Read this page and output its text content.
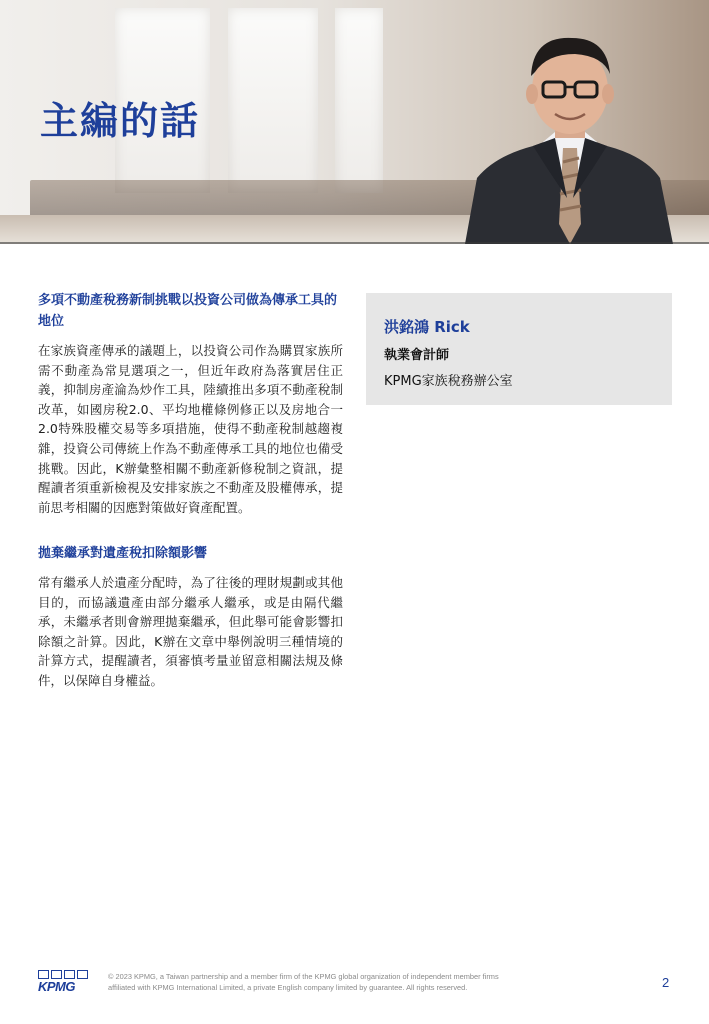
主編的話
多項不動產稅務新制挑戰以投資公司做為傳承工具的地位

在家族資產傳承的議題上，以投資公司作為購買家族所需不動產為常見選項之一，但近年政府為落實居住正義，抑制房產淪為炒作工具，陸續推出多項不動產稅制改革，如國房稅2.0、平均地權條例修正以及房地合一2.0特殊股權交易等多項措施，使得不動產稅制越趨複雜，投資公司傳統上作為不動產傳承工具的地位也備受挑戰。因此，K辦彙整相關不動產新修稅制之資訊，提醒讀者須重新檢視及安排家族之不動產及股權傳承，提前思考相關的因應對策做好資產配置。

拋棄繼承對遺產稅扣除額影響

常有繼承人於遺產分配時，為了往後的理財規劃或其他目的，而協議遺產由部分繼承人繼承，或是由隔代繼承，未繼承者則會辦理拋棄繼承，但此舉可能會影響扣除額之計算。因此，K辦在文章中舉例說明三種情境的計算方式，提醒讀者，須審慎考量並留意相關法規及條件，以保障自身權益。

洪銘鴻 Rick

執業會計師

KPMG家族稅務辦公室

KPMG
© 2023 KPMG, a Taiwan partnership and a member firm of the KPMG global organization of independent member firms
affiliated with KPMG International Limited, a private English company limited by guarantee. All rights reserved.	2
